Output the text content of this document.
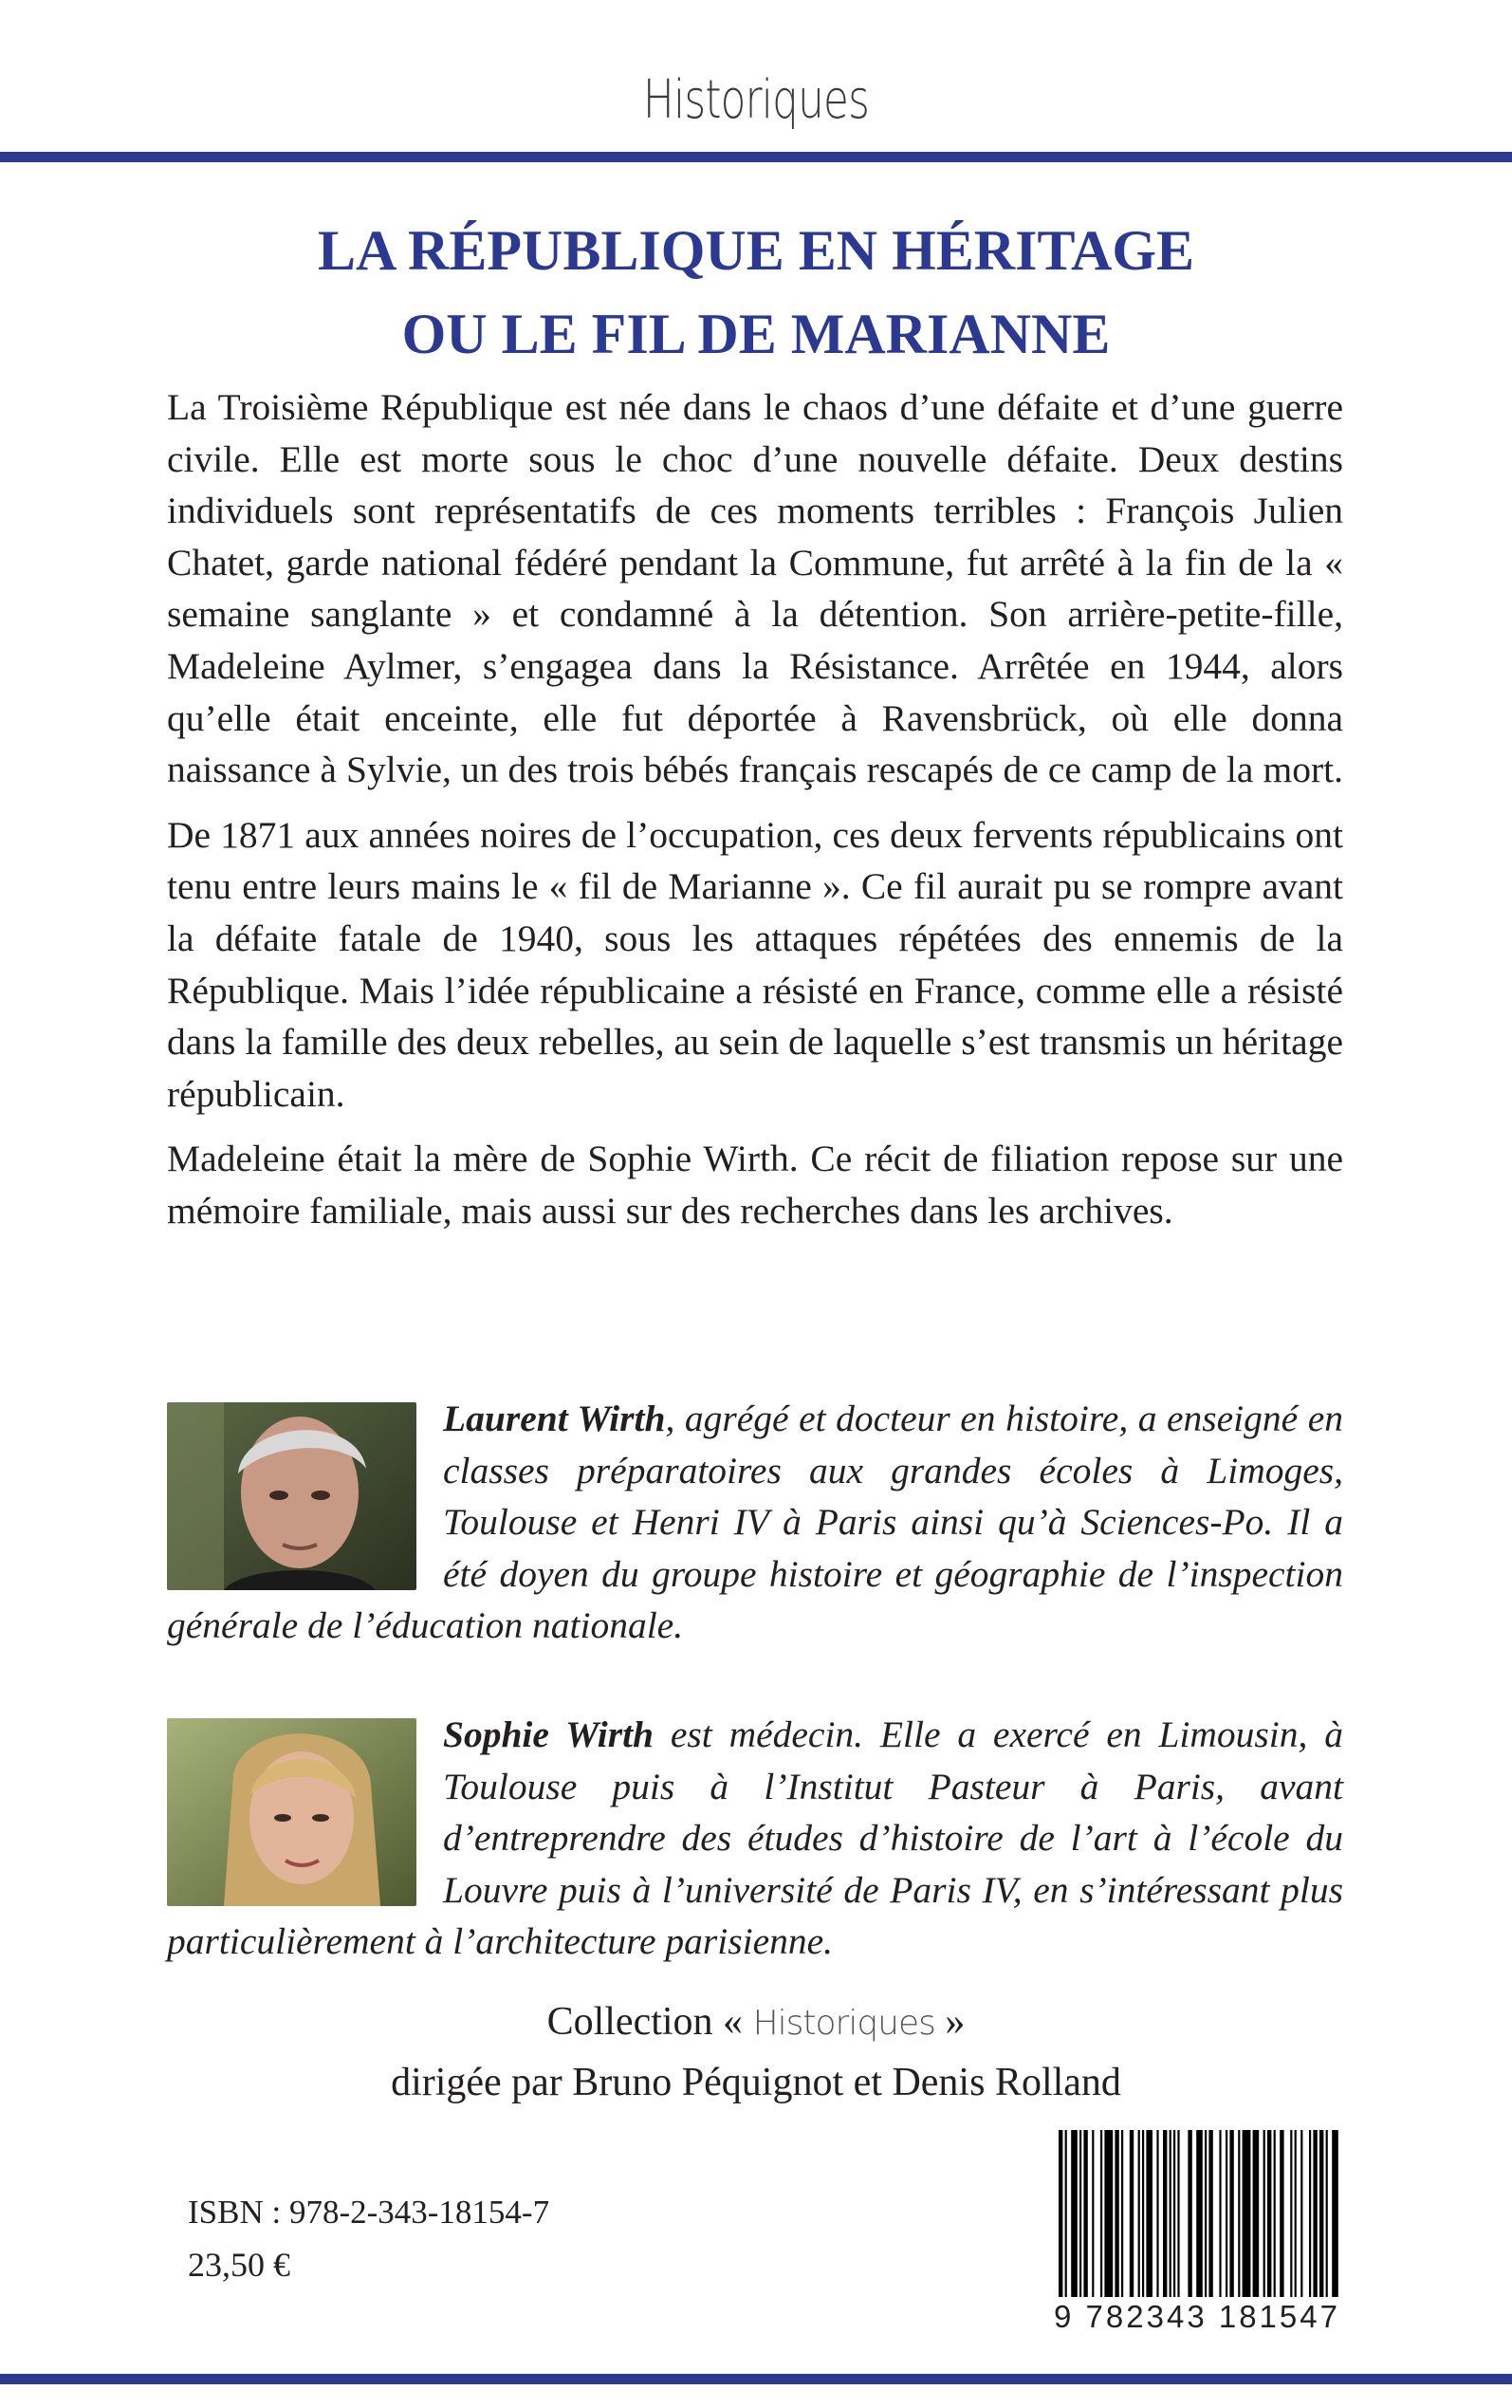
Historiques
LA RÉPUBLIQUE EN HÉRITAGE
OU LE FIL DE MARIANNE

La Troisième République est née dans le chaos d’une défaite et d’une guerre civile. Elle est morte sous le choc d’une nouvelle défaite. Deux destins individuels sont représentatifs de ces moments terribles : François Julien Chatet, garde national fédéré pendant la Commune, fut arrêté à la fin de la « semaine sanglante » et condamné à la détention. Son arrière-petite-fille, Madeleine Aylmer, s’engagea dans la Résistance. Arrêtée en 1944, alors qu’elle était enceinte, elle fut déportée à Ravensbrück, où elle donna naissance à Sylvie, un des trois bébés français rescapés de ce camp de la mort.

De 1871 aux années noires de l’occupation, ces deux fervents républicains ont tenu entre leurs mains le « fil de Marianne ». Ce fil aurait pu se rompre avant la défaite fatale de 1940, sous les attaques répétées des ennemis de la République. Mais l’idée républicaine a résisté en France, comme elle a résisté dans la famille des deux rebelles, au sein de laquelle s’est transmis un héritage républicain.

Madeleine était la mère de Sophie Wirth. Ce récit de filiation repose sur une mémoire familiale, mais aussi sur des recherches dans les archives.

Laurent Wirth, agrégé et docteur en histoire, a enseigné en classes préparatoires aux grandes écoles à Limoges, Toulouse et Henri IV à Paris ainsi qu’à Sciences-Po. Il a été doyen du groupe histoire et géographie de l’inspection générale de l’éducation nationale.
Sophie Wirth est médecin. Elle a exercé en Limousin, à Toulouse puis à l’Institut Pasteur à Paris, avant d’entreprendre des études d’histoire de l’art à l’école du Louvre puis à l’université de Paris IV, en s’intéressant plus particulièrement à l’architecture parisienne.
Collection « Historiques »
dirigée par Bruno Péquignot et Denis Rolland
ISBN : 978-2-343-18154-7
23,50 €
9 782343 181547
